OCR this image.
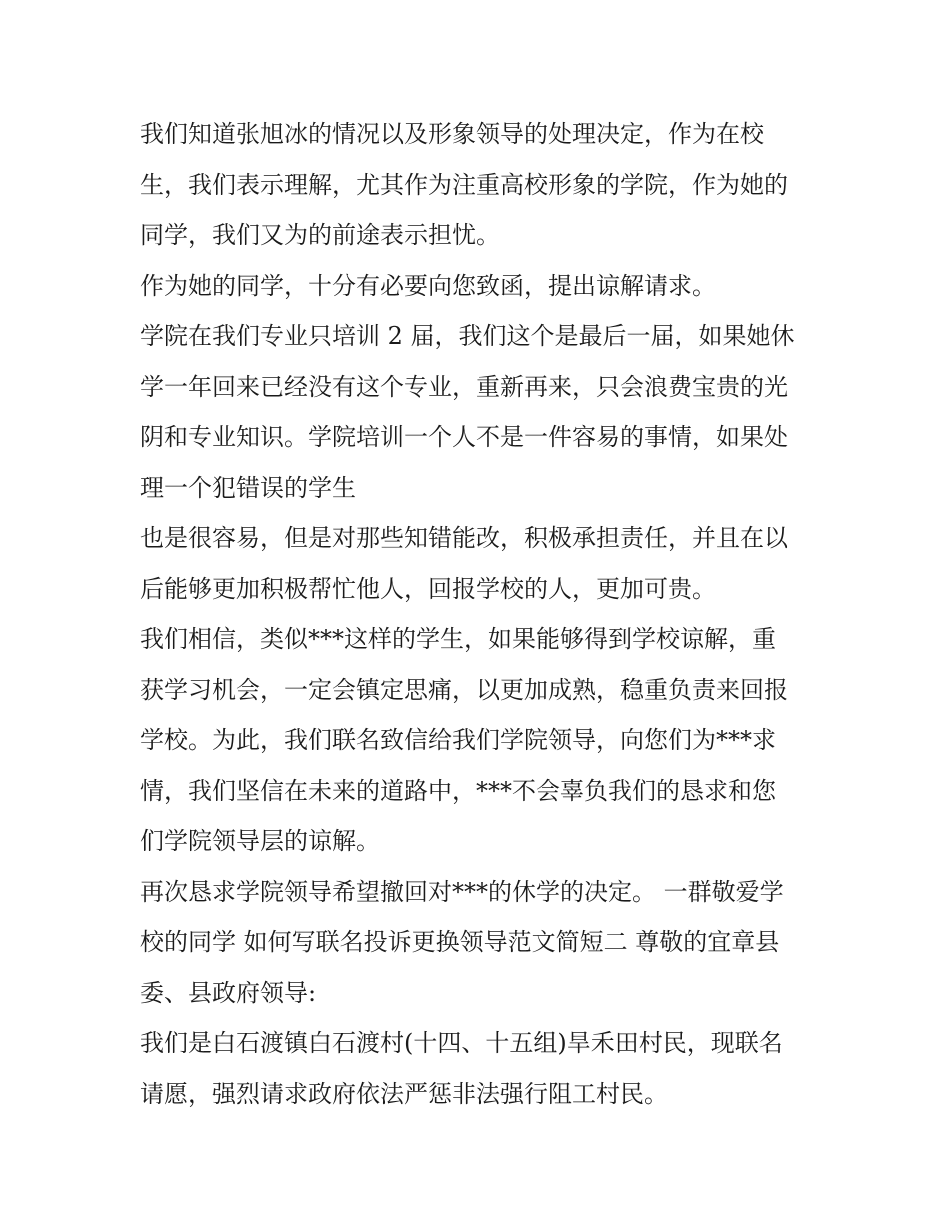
我们知道张旭冰的情况以及形象领导的处理决定，作为在校
生，我们表示理解，尤其作为注重高校形象的学院，作为她的
同学，我们又为的前途表示担忧。
作为她的同学，十分有必要向您致函，提出谅解请求。
学院在我们专业只培训 2 届，我们这个是最后一届，如果她休
学一年回来已经没有这个专业，重新再来，只会浪费宝贵的光
阴和专业知识。学院培训一个人不是一件容易的事情，如果处
理一个犯错误的学生
也是很容易，但是对那些知错能改，积极承担责任，并且在以
后能够更加积极帮忙他人，回报学校的人，更加可贵。
我们相信，类似***这样的学生，如果能够得到学校谅解，重
获学习机会，一定会镇定思痛，以更加成熟，稳重负责来回报
学校。为此，我们联名致信给我们学院领导，向您们为***求
情，我们坚信在未来的道路中，***不会辜负我们的恳求和您
们学院领导层的谅解。
再次恳求学院领导希望撤回对***的休学的决定。 一群敬爱学
校的同学 如何写联名投诉更换领导范文简短二 尊敬的宜章县
委、县政府领导:
我们是白石渡镇白石渡村(十四、十五组)旱禾田村民，现联名
请愿，强烈请求政府依法严惩非法强行阻工村民。
